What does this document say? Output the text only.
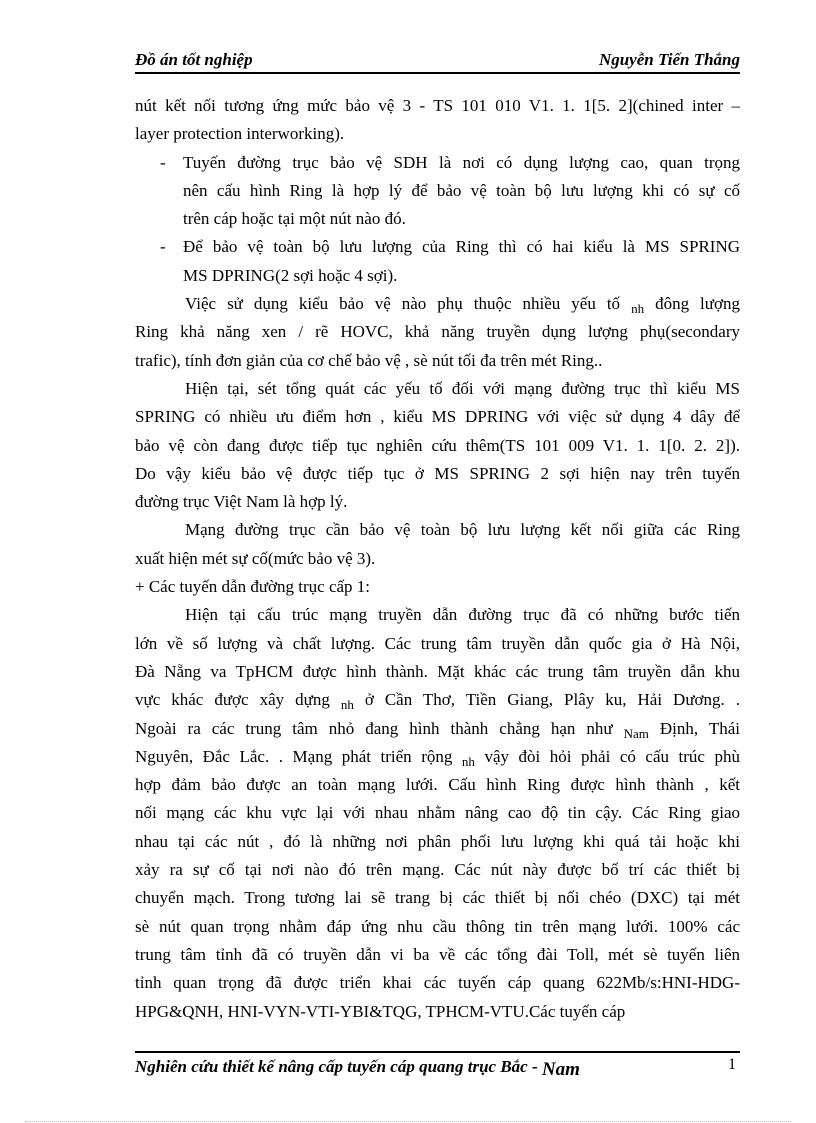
Đồ án tốt nghiệp	Nguyễn Tiến Thắng
nút kết nối tương ứng mức bảo vệ 3 - TS 101 010 V1. 1. 1[5. 2](chined inter –
layer protection interworking).
- Tuyến đường trục bảo vệ SDH là nơi có dụng lượng cao, quan trọng
nên cấu hình Ring là hợp lý để bảo vệ toàn bộ lưu lượng khi có sự cố
trên cáp hoặc tại một nút nào đó.
- Để bảo vệ toàn bộ lưu lượng của Ring thì có hai kiểu là MS SPRING
MS DPRING(2 sợi hoặc 4 sợi).
Việc sử dụng kiểu bảo vệ nào phụ thuộc nhiều yếu tố $_{nh}$ đông lượng
Ring khả năng xen / rẽ HOVC, khả năng truyền dụng lượng phụ(secondary
trafic), tính đơn giản của cơ chế bảo vệ , sè nút tối đa trên mét Ring..
Hiện tại, sét tổng quát các yếu tố đối với mạng đường trục thì kiểu MS
SPRING có nhiều ưu điểm hơn , kiểu MS DPRING với việc sử dụng 4 dây để
bảo vệ còn đang được tiếp tục nghiên cứu thêm(TS 101 009 V1. 1. 1[0. 2. 2]).
Do vậy kiểu bảo vệ được tiếp tục ở MS SPRING 2 sợi hiện nay trên tuyến
đường trục Việt Nam là hợp lý.
Mạng đường trục cần bảo vệ toàn bộ lưu lượng kết nối giữa các Ring
xuất hiện mét sự cố(mức bảo vệ 3).
+ Các tuyến dẫn đường trục cấp 1:
Hiện tại cấu trúc mạng truyền dẫn đường trục đã có những bước tiến
lớn về số lượng và chất lượng. Các trung tâm truyền dẫn quốc gia ở Hà Nội,
Đà Nẵng va TpHCM được hình thành. Mặt khác các trung tâm truyền dẫn khu
vực khác được xây dựng $_{nh}$ ở Cần Thơ, Tiền Giang, Plây ku, Hải Dương. .
Ngoài ra các trung tâm nhỏ đang hình thành chẳng hạn như $_{Nam}$ Định, Thái
Nguyên, Đắc Lắc. . Mạng phát triển rộng $_{nh}$ vậy đòi hỏi phải có cấu trúc phù
hợp đảm bảo được an toàn mạng lưới. Cấu hình Ring được hình thành , kết
nối mạng các khu vực lại với nhau nhằm nâng cao độ tin cậy. Các Ring giao
nhau tại các nút , đó là những nơi phân phối lưu lượng khi quá tải hoặc khi
xảy ra sự cố tại nơi nào đó trên mạng. Các nút này được bố trí các thiết bị
chuyển mạch. Trong tương lai sẽ trang bị các thiết bị nối chéo (DXC) tại mét
sè nút quan trọng nhằm đáp ứng nhu cầu thông tin trên mạng lưới. 100% các
trung tâm tỉnh đã có truyền dẫn vi ba về các tổng đài Toll, mét sè tuyến liên
tỉnh quan trọng đã được triển khai các tuyến cáp quang 622Mb/s:HNI-HDG-
HPG&QNH, HNI-VYN-VTI-YBI&TQG, TPHCM-VTU.Các tuyến cáp
Nghiên cứu thiết kế nâng cấp tuyến cáp quang trục Bắc - Nam	1
